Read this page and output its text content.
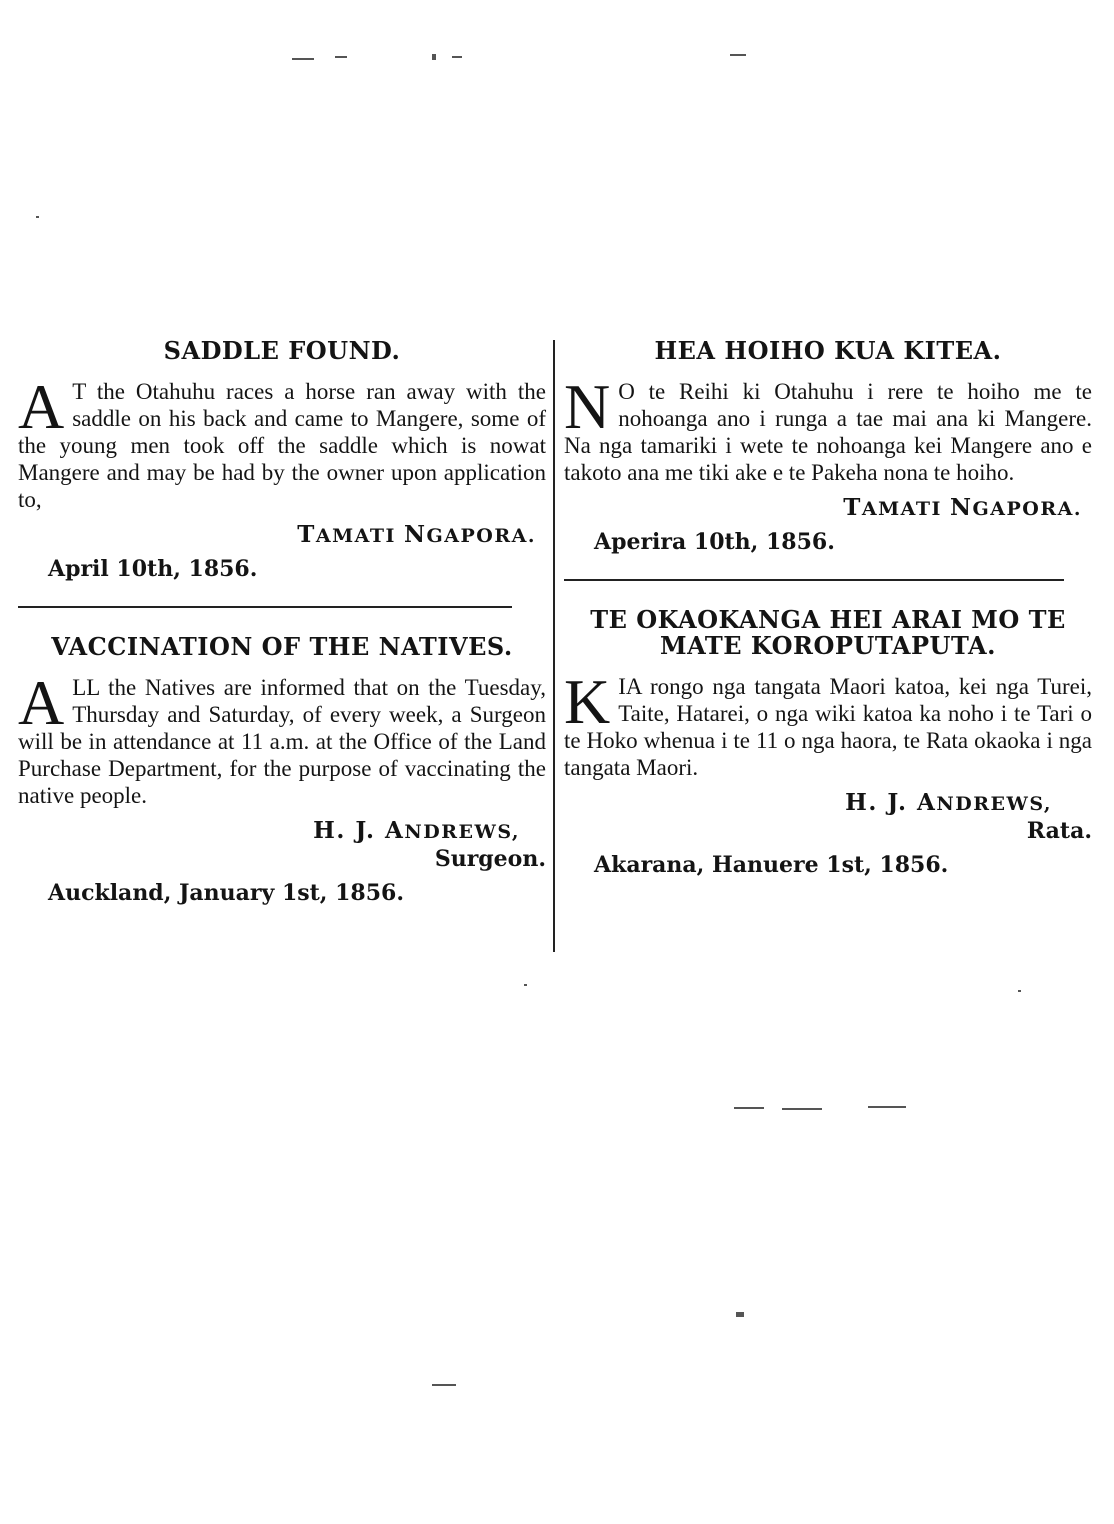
SADDLE FOUND.

A T the Otahuhu races a horse ran away with the saddle on his back and came to Mangere, some of the young men took off the saddle which is nowat Mangere and may be had by the owner upon application to,

TAMATI NGAPORA.
April 10th, 1856.
VACCINATION OF THE NATIVES.

ALL the Natives are informed that on the Tuesday, Thursday and Saturday, of every week, a Surgeon will be in attendance at 11 a.m. at the Office of the Land Purchase Department, for the purpose of vaccinating the native people.

H. J. ANDREWS,
Surgeon.
Auckland, January 1st, 1856.
HEA HOIHO KUA KITEA.

N O te Reihi ki Otahuhu i rere te hoiho me te nohoanga ano i runga a tae mai ana ki Mangere. Na nga tamariki i wete te nohoanga kei Mangere ano e takoto ana me tiki ake e te Pakeha nona te hoiho.

TAMATI NGAPORA.
Aperira 10th, 1856.
TE OKAOKANGA HEI ARAI MO TE MATE KOROPUTAPUTA.

KIA rongo nga tangata Maori katoa, kei nga Turei, Taite, Hatarei, o nga wiki katoa ka noho i te Tari o te Hoko whenua i te 11 o nga haora, te Rata okaoka i nga tangata Maori.

H. J. ANDREWS,
Rata.
Akarana, Hanuere 1st, 1856.
